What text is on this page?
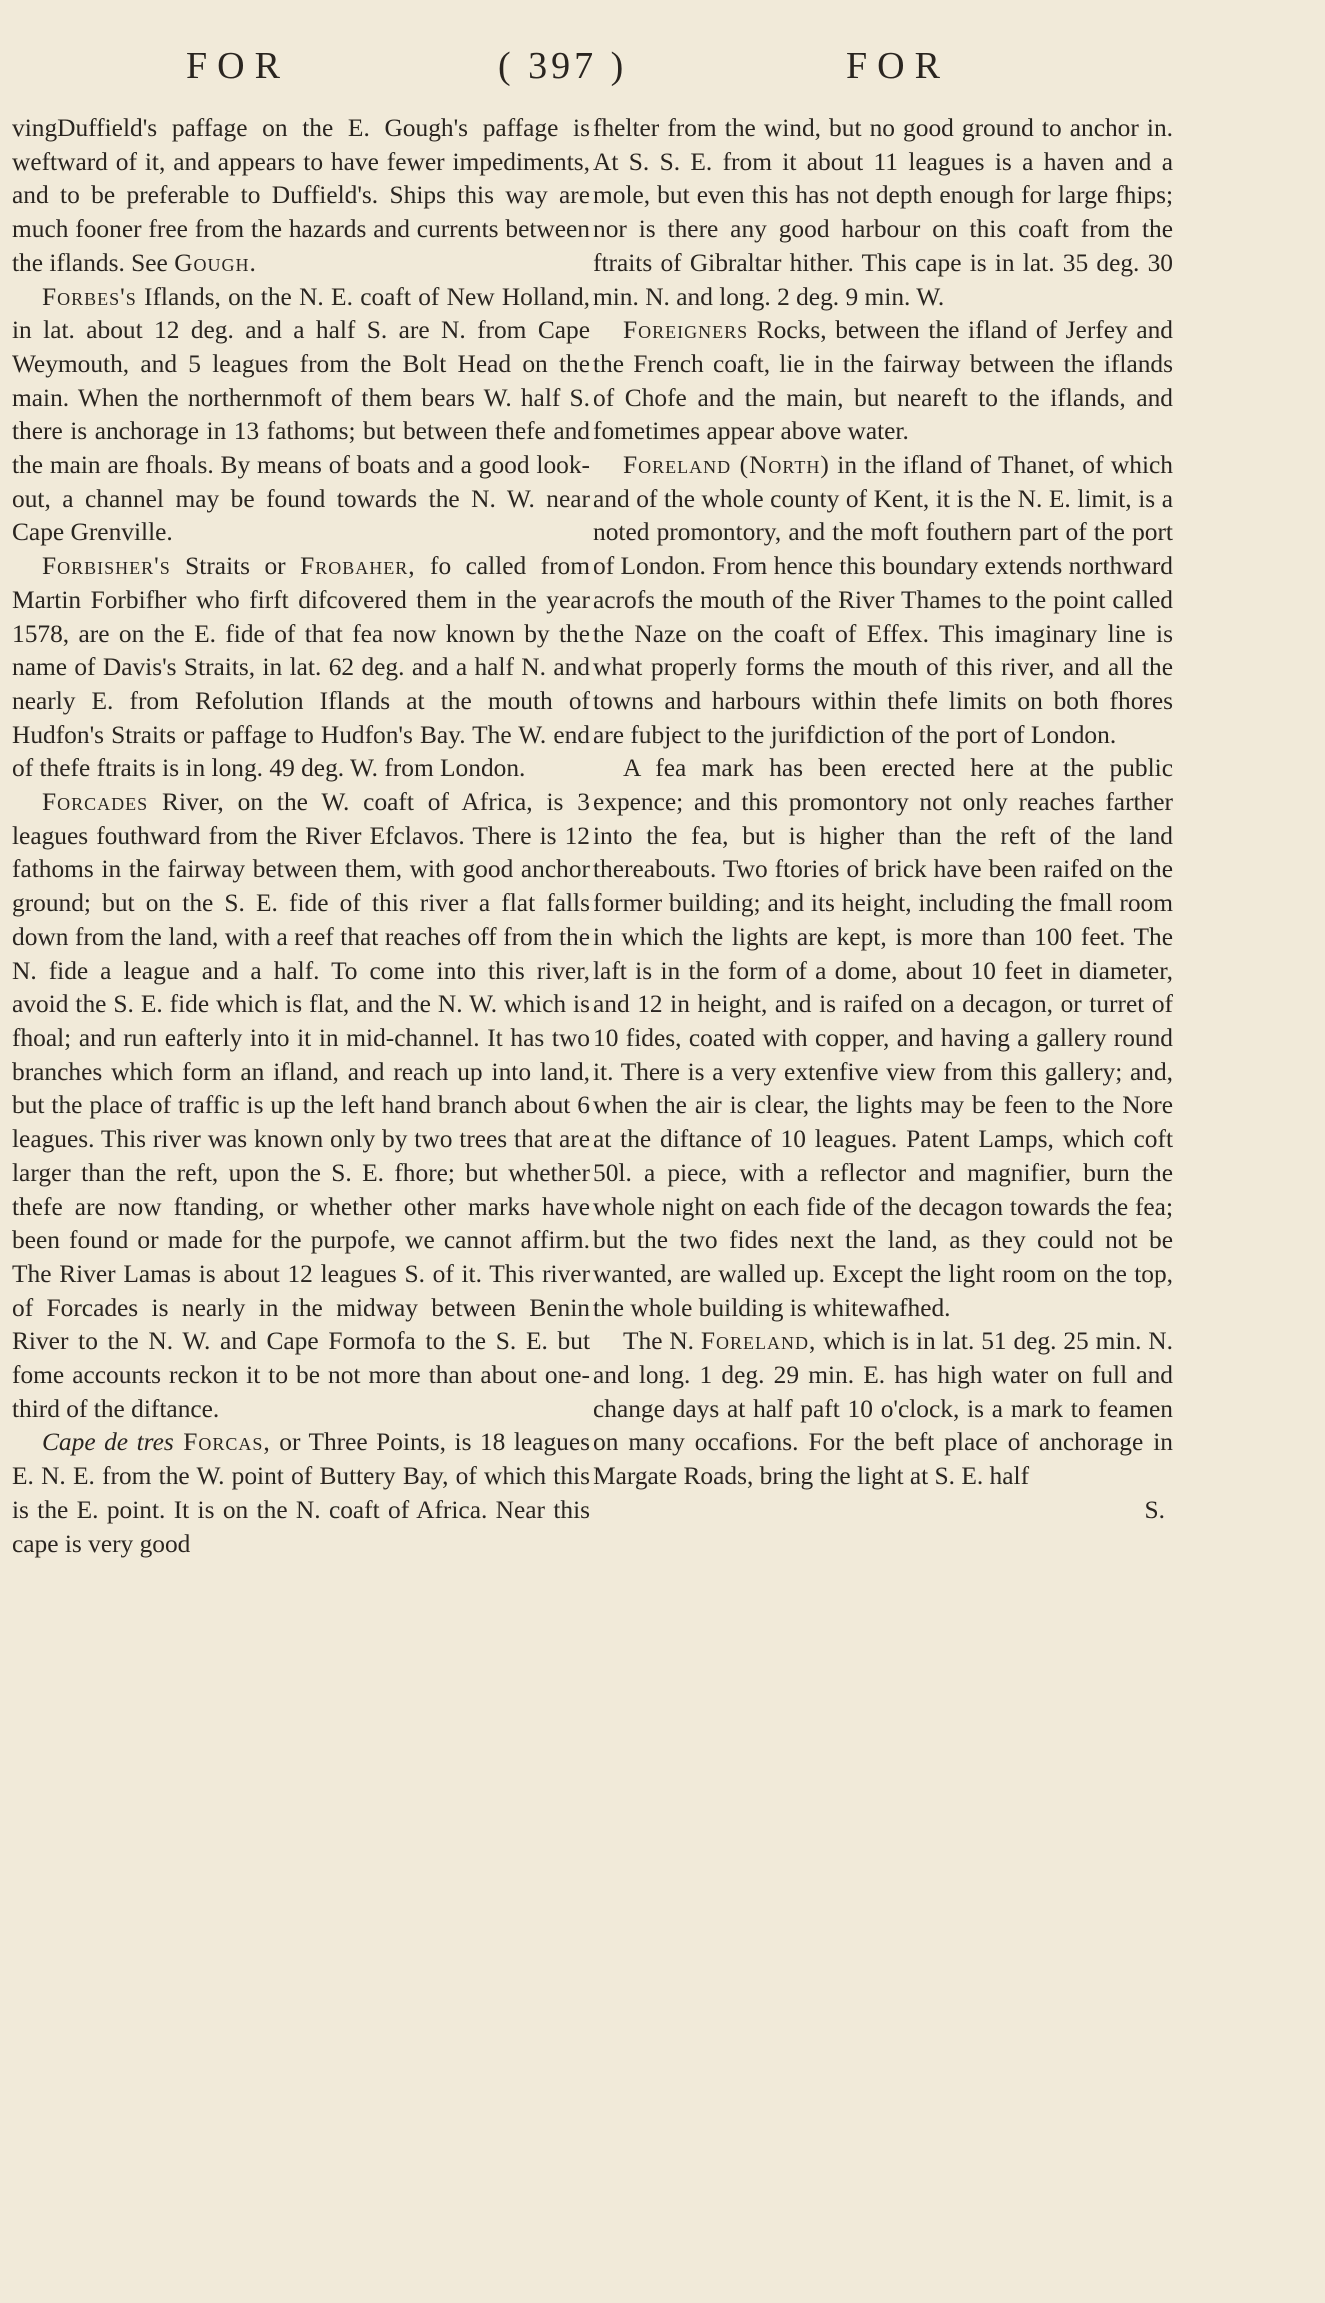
FOR	( 397 )	FOR

vingDuffield's paffage on the E. Gough's paffage is weftward of it, and appears to have fewer impediments, and to be preferable to Duffield's. Ships this way are much fooner free from the hazards and currents between the iflands. See Gough.

Forbes's Iflands, on the N. E. coaft of New Holland, in lat. about 12 deg. and a half S. are N. from Cape Weymouth, and 5 leagues from the Bolt Head on the main. When the northernmoft of them bears W. half S. there is anchorage in 13 fathoms; but between thefe and the main are fhoals. By means of boats and a good look-out, a channel may be found towards the N. W. near Cape Grenville.

Forbisher's Straits or Frobaher, fo called from Martin Forbifher who firft difcovered them in the year 1578, are on the E. fide of that fea now known by the name of Davis's Straits, in lat. 62 deg. and a half N. and nearly E. from Refolution Iflands at the mouth of Hudfon's Straits or paffage to Hudfon's Bay. The W. end of thefe ftraits is in long. 49 deg. W. from London.

Forcades River, on the W. coaft of Africa, is 3 leagues fouthward from the River Efclavos. There is 12 fathoms in the fairway between them, with good anchor ground; but on the S. E. fide of this river a flat falls down from the land, with a reef that reaches off from the N. fide a league and a half. To come into this river, avoid the S. E. fide which is flat, and the N. W. which is fhoal; and run eafterly into it in mid-channel. It has two branches which form an ifland, and reach up into land, but the place of traffic is up the left hand branch about 6 leagues. This river was known only by two trees that are larger than the reft, upon the S. E. fhore; but whether thefe are now ftanding, or whether other marks have been found or made for the purpofe, we cannot affirm. The River Lamas is about 12 leagues S. of it. This river of Forcades is nearly in the midway between Benin River to the N. W. and Cape Formofa to the S. E. but fome accounts reckon it to be not more than about one-third of the diftance.

Cape de tres Forcas, or Three Points, is 18 leagues E. N. E. from the W. point of Buttery Bay, of which this is the E. point. It is on the N. coaft of Africa. Near this cape is very good

fhelter from the wind, but no good ground to anchor in. At S. S. E. from it about 11 leagues is a haven and a mole, but even this has not depth enough for large fhips; nor is there any good harbour on this coaft from the ftraits of Gibraltar hither. This cape is in lat. 35 deg. 30 min. N. and long. 2 deg. 9 min. W.

Foreigners Rocks, between the ifland of Jerfey and the French coaft, lie in the fairway between the iflands of Chofe and the main, but neareft to the iflands, and fometimes appear above water.

Foreland (North) in the ifland of Thanet, of which and of the whole county of Kent, it is the N. E. limit, is a noted promontory, and the moft fouthern part of the port of London. From hence this boundary extends northward acrofs the mouth of the River Thames to the point called the Naze on the coaft of Effex. This imaginary line is what properly forms the mouth of this river, and all the towns and harbours within thefe limits on both fhores are fubject to the jurifdiction of the port of London.

A fea mark has been erected here at the public expence; and this promontory not only reaches farther into the fea, but is higher than the reft of the land thereabouts. Two ftories of brick have been raifed on the former building; and its height, including the fmall room in which the lights are kept, is more than 100 feet. The laft is in the form of a dome, about 10 feet in diameter, and 12 in height, and is raifed on a decagon, or turret of 10 fides, coated with copper, and having a gallery round it. There is a very extenfive view from this gallery; and, when the air is clear, the lights may be feen to the Nore at the diftance of 10 leagues. Patent Lamps, which coft 50l. a piece, with a reflector and magnifier, burn the whole night on each fide of the decagon towards the fea; but the two fides next the land, as they could not be wanted, are walled up. Except the light room on the top, the whole building is whitewafhed.

The N. Foreland, which is in lat. 51 deg. 25 min. N. and long. 1 deg. 29 min. E. has high water on full and change days at half paft 10 o'clock, is a mark to feamen on many occafions. For the beft place of anchorage in Margate Roads, bring the light at S. E. half

S.
